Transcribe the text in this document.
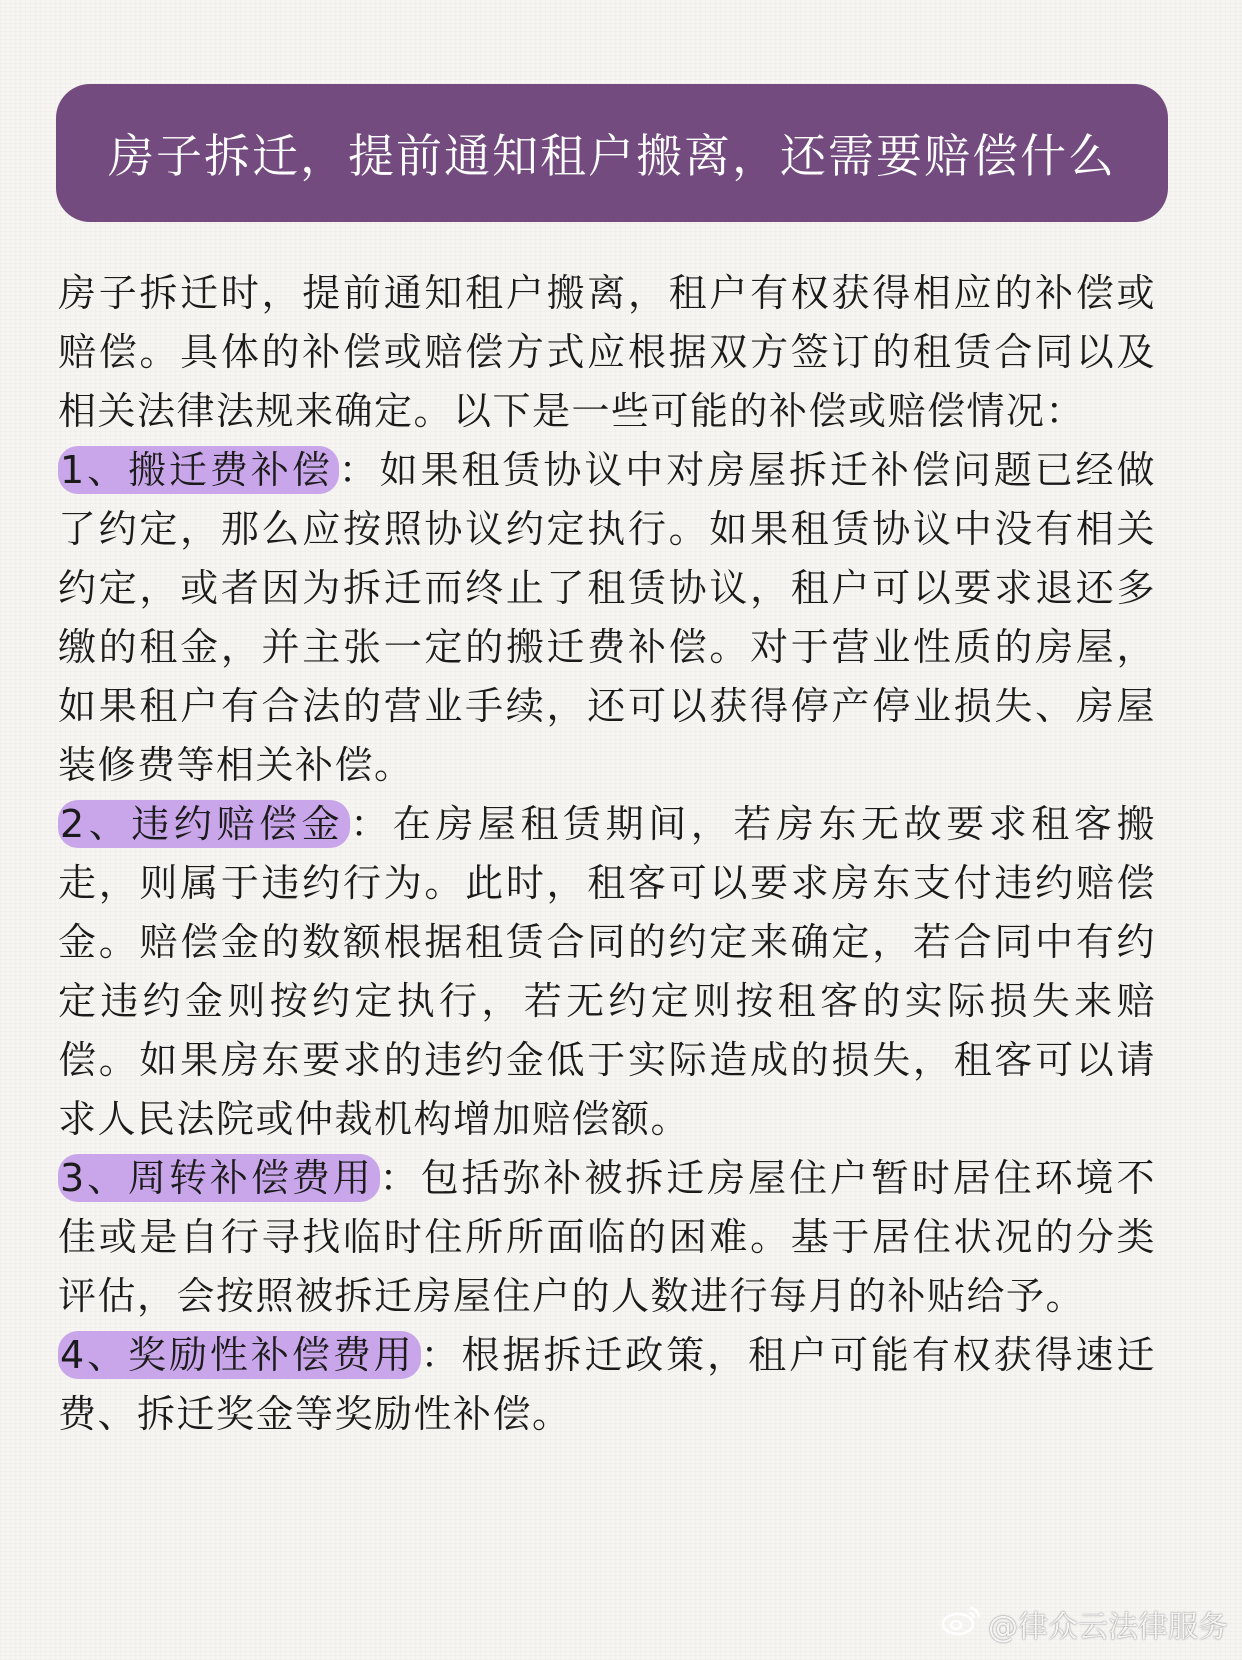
房子拆迁，提前通知租户搬离，还需要赔偿什么

房子拆迁时，提前通知租户搬离，租户有权获得相应的补偿或赔偿。具体的补偿或赔偿方式应根据双方签订的租赁合同以及相关法律法规来确定。以下是一些可能的补偿或赔偿情况：

1、搬迁费补偿 ：如果租赁协议中对房屋拆迁补偿问题已经做了约定，那么应按照协议约定执行。如果租赁协议中没有相关约定，或者因为拆迁而终止了租赁协议，租户可以要求退还多缴的租金，并主张一定的搬迁费补偿。对于营业性质的房屋，如果租户有合法的营业手续，还可以获得停产停业损失、房屋装修费等相关补偿。

2、违约赔偿金 ：在房屋租赁期间，若房东无故要求租客搬走，则属于违约行为。此时，租客可以要求房东支付违约赔偿金。赔偿金的数额根据租赁合同的约定来确定，若合同中有约定违约金则按约定执行，若无约定则按租客的实际损失来赔偿。如果房东要求的违约金低于实际造成的损失，租客可以请求人民法院或仲裁机构增加赔偿额。

3、周转补偿费用 ：包括弥补被拆迁房屋住户暂时居住环境不佳或是自行寻找临时住所所面临的困难。基于居住状况的分类评估，会按照被拆迁房屋住户的人数进行每月的补贴给予。

4、奖励性补偿费用 ：根据拆迁政策，租户可能有权获得速迁费、拆迁奖金等奖励性补偿。

@律众云法律服务
